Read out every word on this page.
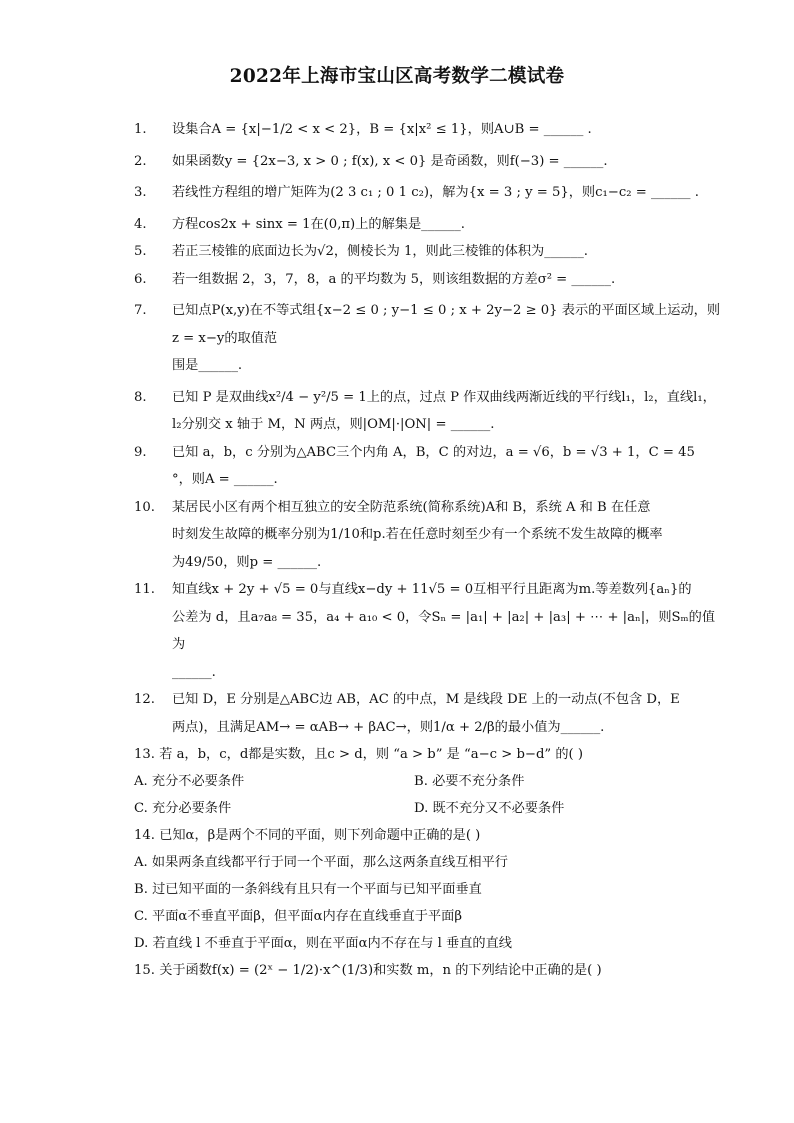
2022年上海市宝山区高考数学二模试卷
1.	设集合A = {x|−1/2 < x < 2}，B = {x|x² ≤ 1}，则A∪B = ______ .
2.	如果函数y = {2x−3, x > 0 ; f(x), x < 0} 是奇函数，则f(−3) = ______.
3.	若线性方程组的增广矩阵为(2 3 c₁ ; 0 1 c₂)，解为{x = 3 ; y = 5}，则c₁−c₂ = ______ .
4.	方程cos2x + sinx = 1在(0,π)上的解集是______.
5.	若正三棱锥的底面边长为√2，侧棱长为 1，则此三棱锥的体积为______.
6.	若一组数据 2，3，7，8，a 的平均数为 5，则该组数据的方差σ² = ______.
7.	已知点P(x,y)在不等式组{x−2 ≤ 0 ; y−1 ≤ 0 ; x + 2y−2 ≥ 0} 表示的平面区域上运动，则z = x−y的取值范
围是______.
8.	已知 P 是双曲线x²/4 − y²/5 = 1上的点，过点 P 作双曲线两渐近线的平行线l₁，l₂，直线l₁，
l₂分别交 x 轴于 M，N 两点，则|OM|·|ON| = ______.
9.	已知 a，b，c 分别为△ABC三个内角 A，B，C 的对边，a = √6，b = √3 + 1，C = 45
°，则A = ______.
10.	某居民小区有两个相互独立的安全防范系统(简称系统)A和 B，系统 A 和 B 在任意
时刻发生故障的概率分别为1/10和p.若在任意时刻至少有一个系统不发生故障的概率
为49/50，则p = ______.
11.	知直线x + 2y + √5 = 0与直线x−dy + 11√5 = 0互相平行且距离为m.等差数列{aₙ}的
公差为 d，且a₇a₈ = 35，a₄ + a₁₀ < 0，令Sₙ = |a₁| + |a₂| + |a₃| + ⋯ + |aₙ|，则Sₘ的值为
______.
12.	已知 D，E 分别是△ABC边 AB，AC 的中点，M 是线段 DE 上的一动点(不包含 D，E
两点)，且满足AM→ = αAB→ + βAC→，则1/α + 2/β的最小值为______.
13. 若 a，b，c，d都是实数，且c > d，则 “a > b” 是 “a−c > b−d” 的( )
A. 充分不必要条件	B. 必要不充分条件
C. 充分必要条件	D. 既不充分又不必要条件
14. 已知α，β是两个不同的平面，则下列命题中正确的是( )
A. 如果两条直线都平行于同一个平面，那么这两条直线互相平行
B. 过已知平面的一条斜线有且只有一个平面与已知平面垂直
C. 平面α不垂直平面β，但平面α内存在直线垂直于平面β
D. 若直线 l 不垂直于平面α，则在平面α内不存在与 l 垂直的直线
15. 关于函数f(x) = (2ˣ − 1/2)·x^(1/3)和实数 m，n 的下列结论中正确的是( )
